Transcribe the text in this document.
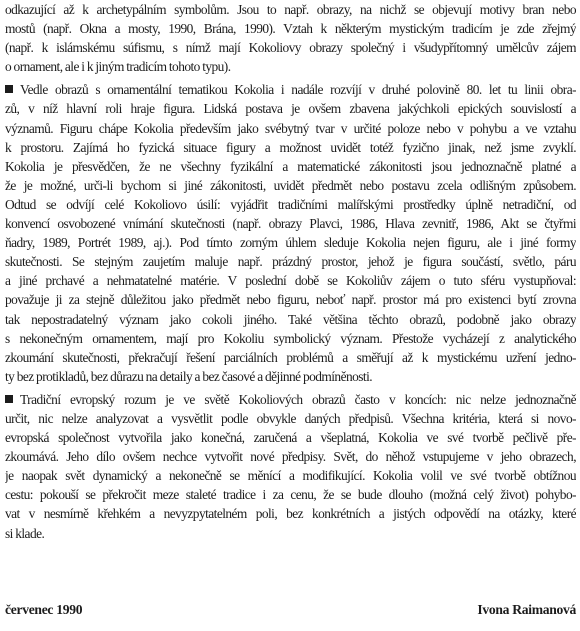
odkazující až k archetypálním symbolům. Jsou to např. obrazy, na nichž se objevují motivy bran nebo
mostů (např. Okna a mosty, 1990, Brána, 1990). Vztah k některým mystickým tradicím je zde zřejmý
(např. k islámskému súfismu, s nímž mají Kokoliovy obrazy společný i všudypřítomný umělcův zájem
o ornament, ale i k jiným tradicím tohoto typu).

Vedle obrazů s ornamentální tematikou Kokolia i nadále rozvíjí v druhé polovině 80. let tu linii obra-
zů, v níž hlavní roli hraje figura. Lidská postava je ovšem zbavena jakýchkoli epických souvislostí a
významů. Figuru chápe Kokolia především jako svébytný tvar v určité poloze nebo v pohybu a ve vztahu
k prostoru. Zajímá ho fyzická situace figury a možnost uvidět totéž fyzično jinak, než jsme zvyklí.
Kokolia je přesvědčen, že ne všechny fyzikální a matematické zákonitosti jsou jednoznačně platné a
že je možné, urči-li bychom si jiné zákonitosti, uvidět předmět nebo postavu zcela odlišným způsobem.
Odtud se odvíjí celé Kokoliovo úsilí: vyjádřit tradičními malířskými prostředky úplně netradiční, od
konvencí osvobozené vnímání skutečnosti (např. obrazy Plavci, 1986, Hlava zevnitř, 1986, Akt se čtyřmi
ňadry, 1989, Portrét 1989, aj.). Pod tímto zorným úhlem sleduje Kokolia nejen figuru, ale i jiné formy
skutečnosti. Se stejným zaujetím maluje např. prázdný prostor, jehož je figura součástí, světlo, páru
a jiné prchavé a nehmatatelné matérie. V poslední době se Kokoliův zájem o tuto sféru vystupňoval:
považuje ji za stejně důležitou jako předmět nebo figuru, neboť např. prostor má pro existenci bytí zrovna
tak nepostradatelný význam jako cokoli jiného. Také většina těchto obrazů, podobně jako obrazy
s nekonečným ornamentem, mají pro Kokoliu symbolický význam. Přestože vycházejí z analytického
zkoumání skutečnosti, překračují řešení parciálních problémů a směřují až k mystickému uzření jedno-
ty bez protikladů, bez důrazu na detaily a bez časové a dějinné podmíněnosti.

Tradiční evropský rozum je ve světě Kokoliových obrazů často v koncích: nic nelze jednoznačně
určit, nic nelze analyzovat a vysvětlit podle obvykle daných předpisů. Všechna kritéria, která si novo-
evropská společnost vytvořila jako konečná, zaručená a všeplatná, Kokolia ve své tvorbě pečlivě pře-
zkoumává. Jeho dílo ovšem nechce vytvořit nové předpisy. Svět, do něhož vstupujeme v jeho obrazech,
je naopak svět dynamický a nekonečně se měnící a modifikující. Kokolia volil ve své tvorbě obtížnou
cestu: pokouší se překročit meze staleté tradice i za cenu, že se bude dlouho (možná celý život) pohybo-
vat v nesmírně křehkém a nevyzpytatelném poli, bez konkrétních a jistých odpovědí na otázky, které
si klade.

červenec 1990	Ivona Raimanová
